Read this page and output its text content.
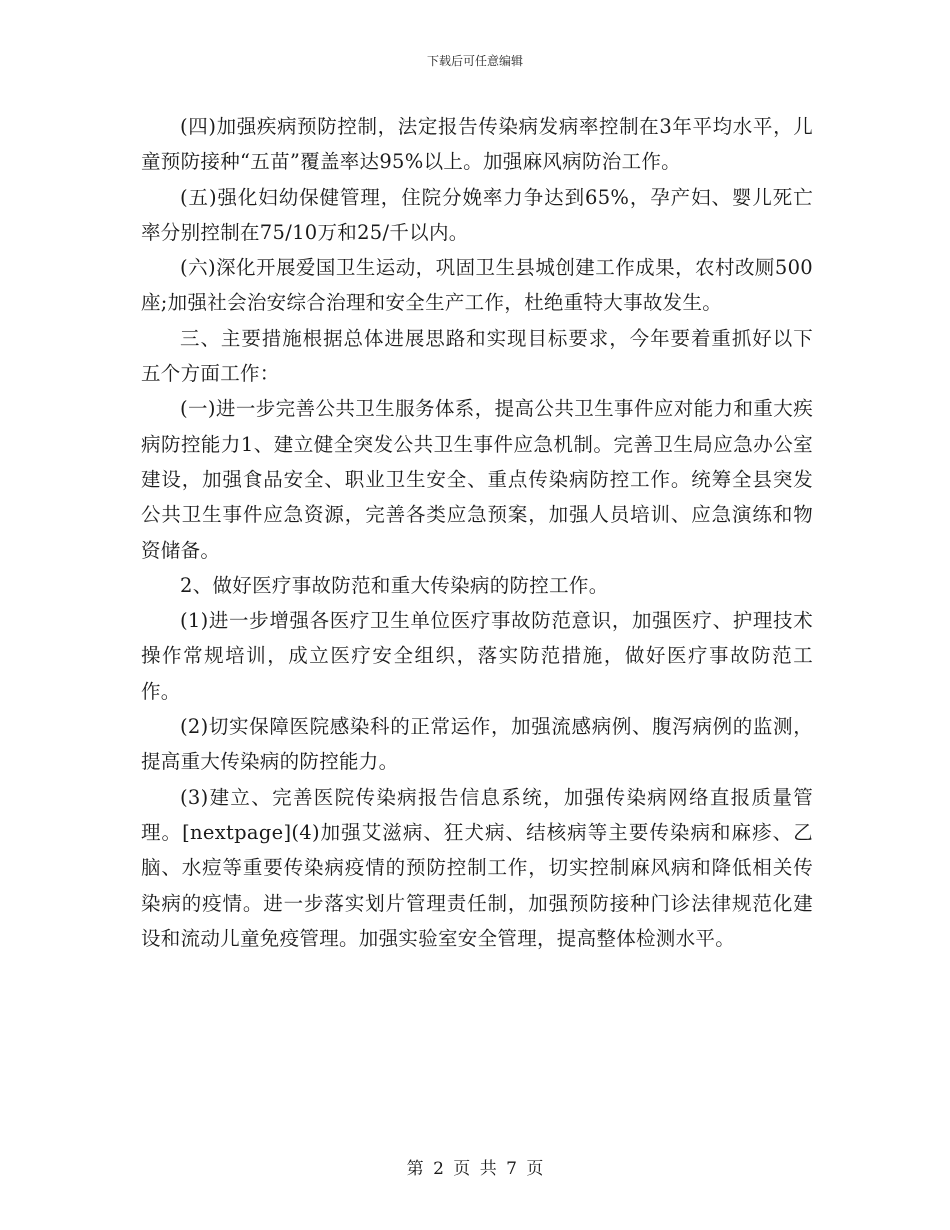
下载后可任意编辑

(四)加强疾病预防控制，法定报告传染病发病率控制在3年平均水平，儿童预防接种“五苗”覆盖率达95%以上。加强麻风病防治工作。

(五)强化妇幼保健管理，住院分娩率力争达到65%，孕产妇、婴儿死亡率分别控制在75/10万和25/千以内。

(六)深化开展爱国卫生运动，巩固卫生县城创建工作成果，农村改厕500座;加强社会治安综合治理和安全生产工作，杜绝重特大事故发生。

三、主要措施根据总体进展思路和实现目标要求，今年要着重抓好以下五个方面工作：

(一)进一步完善公共卫生服务体系，提高公共卫生事件应对能力和重大疾病防控能力1、建立健全突发公共卫生事件应急机制。完善卫生局应急办公室建设，加强食品安全、职业卫生安全、重点传染病防控工作。统筹全县突发公共卫生事件应急资源，完善各类应急预案，加强人员培训、应急演练和物资储备。

2、做好医疗事故防范和重大传染病的防控工作。

(1)进一步增强各医疗卫生单位医疗事故防范意识，加强医疗、护理技术操作常规培训，成立医疗安全组织，落实防范措施，做好医疗事故防范工作。

(2)切实保障医院感染科的正常运作，加强流感病例、腹泻病例的监测，提高重大传染病的防控能力。

(3)建立、完善医院传染病报告信息系统，加强传染病网络直报质量管理。[nextpage](4)加强艾滋病、狂犬病、结核病等主要传染病和麻疹、乙脑、水痘等重要传染病疫情的预防控制工作，切实控制麻风病和降低相关传染病的疫情。进一步落实划片管理责任制，加强预防接种门诊法律规范化建设和流动儿童免疫管理。加强实验室安全管理，提高整体检测水平。

第 2 页 共 7 页
